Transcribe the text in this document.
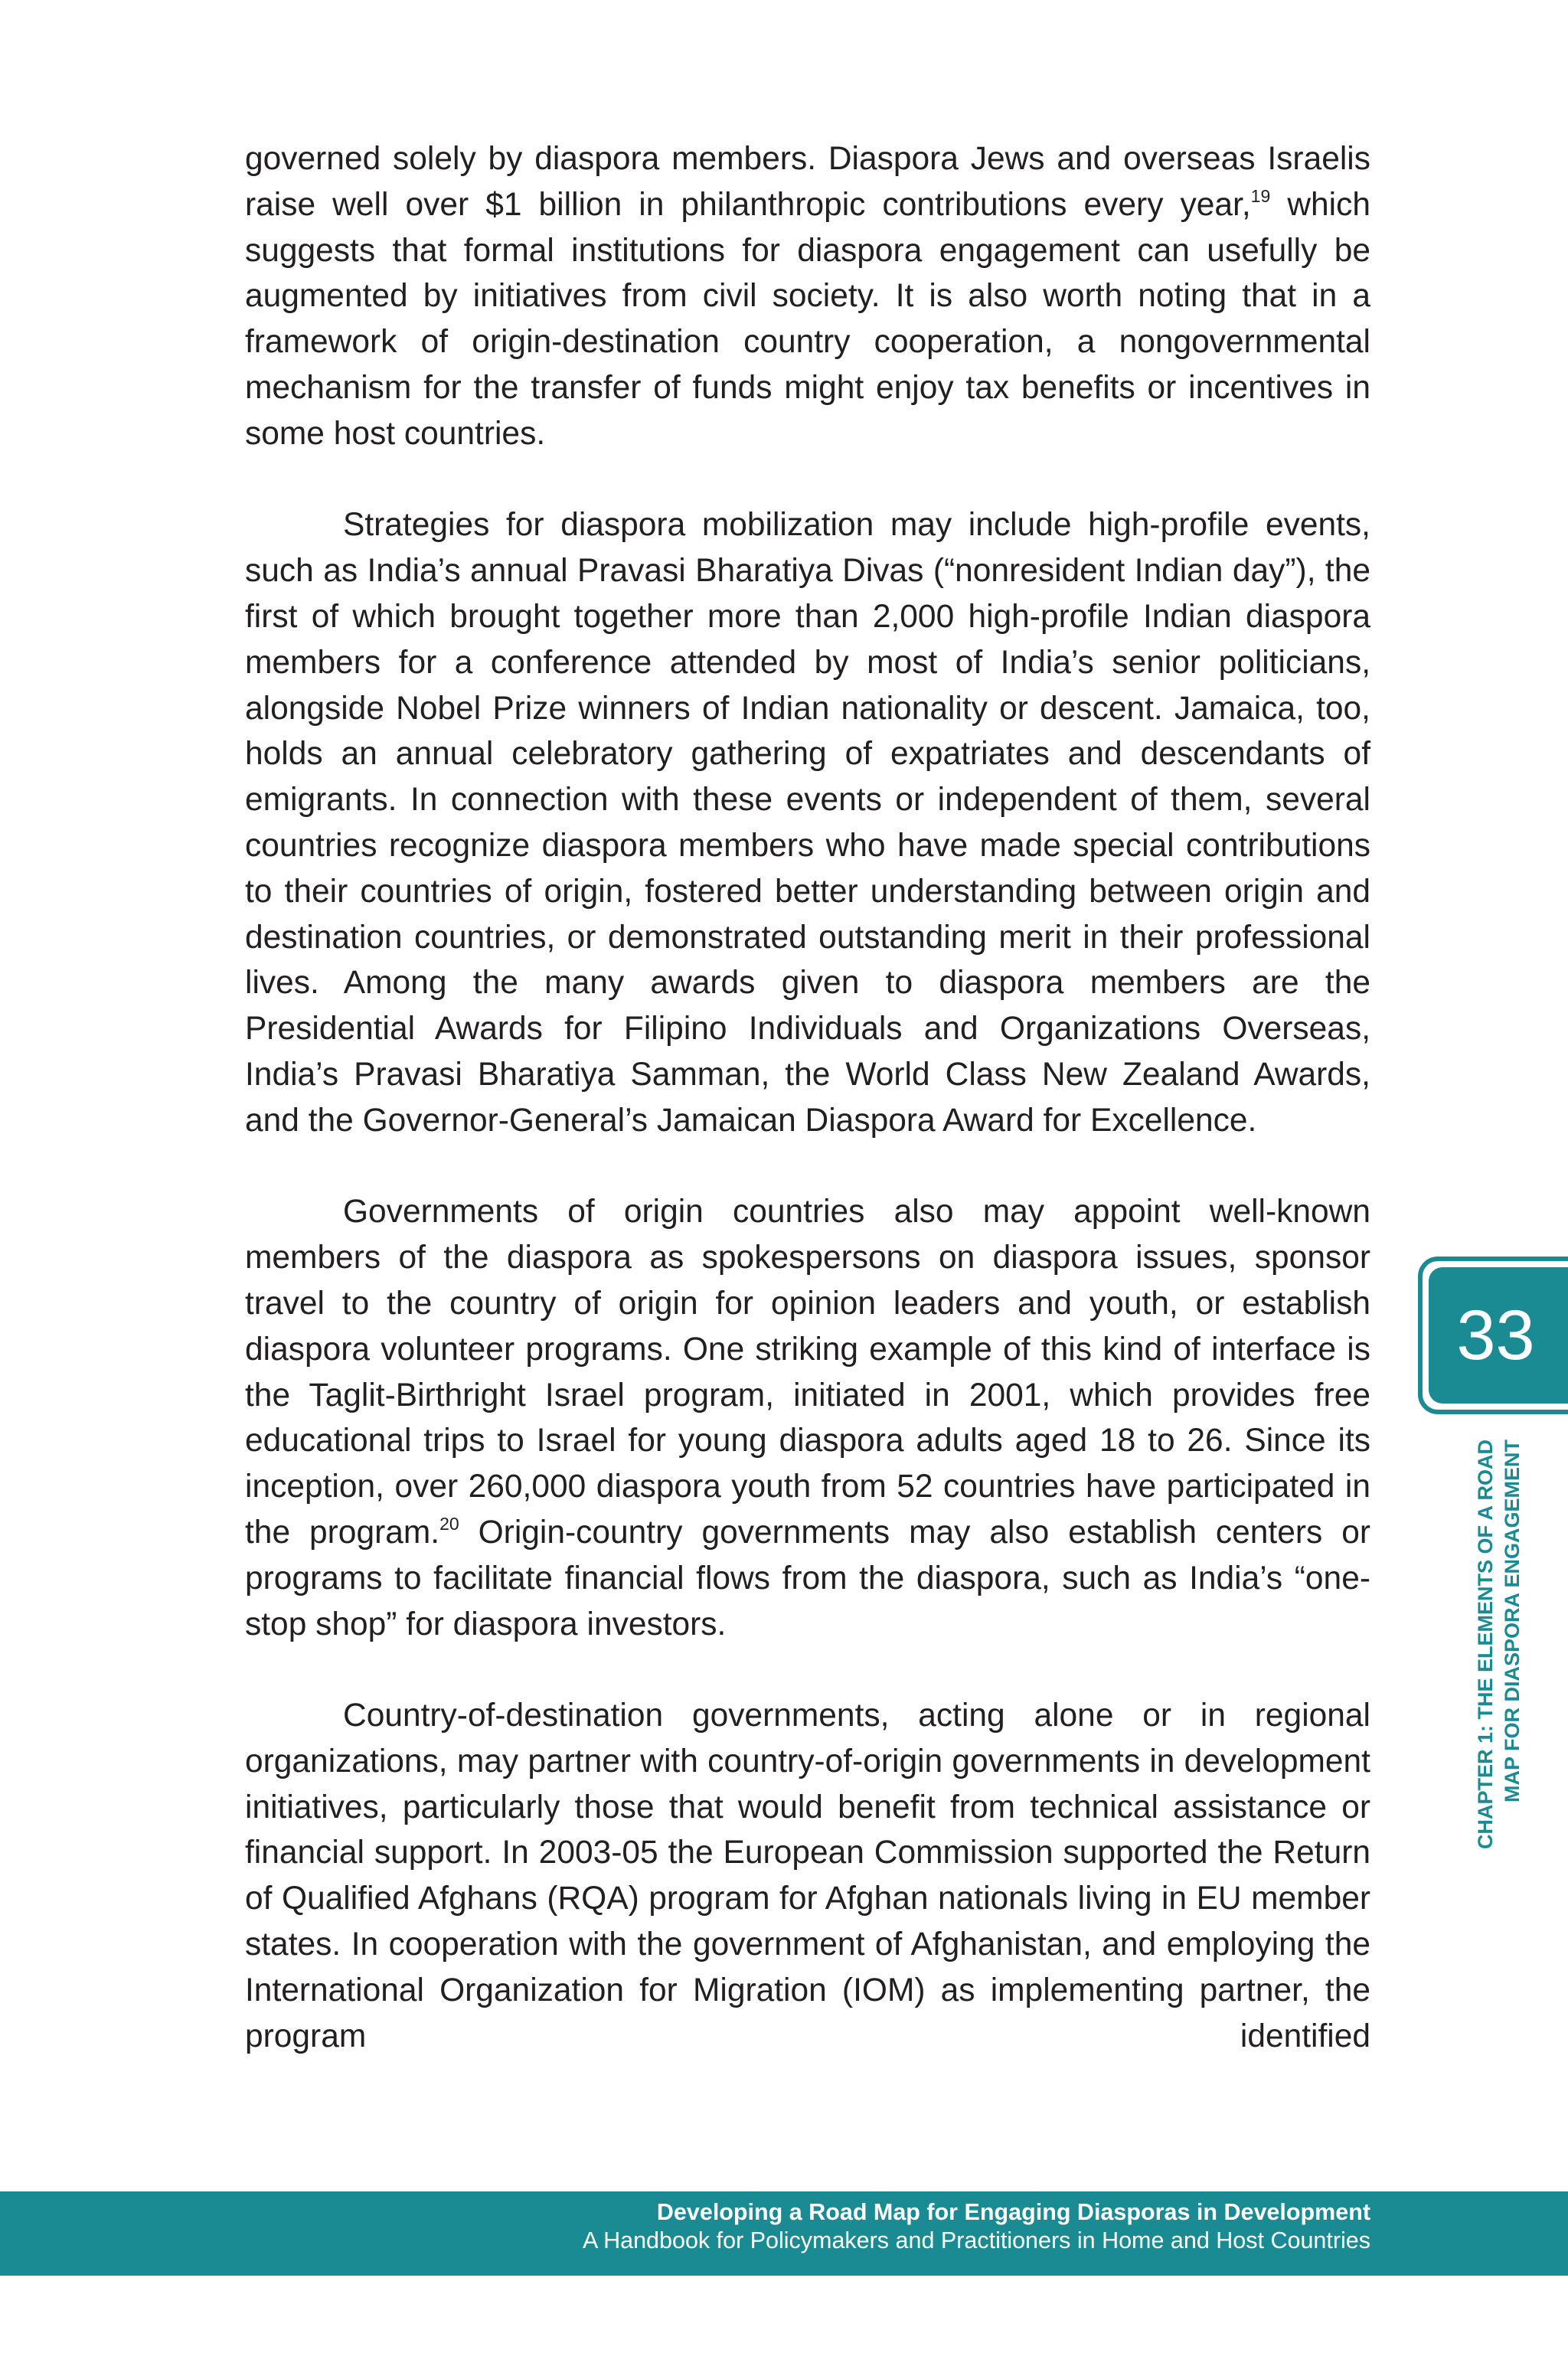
governed solely by diaspora members. Diaspora Jews and overseas Israelis raise well over $1 billion in philanthropic contributions every year,$^{19}$ which suggests that formal institutions for diaspora engagement can usefully be augmented by initiatives from civil society. It is also worth noting that in a framework of origin-destination country cooperation, a nongovernmental mechanism for the transfer of funds might enjoy tax benefits or incentives in some host countries.

Strategies for diaspora mobilization may include high-profile events, such as India’s annual Pravasi Bharatiya Divas (“nonresident Indian day”), the first of which brought together more than 2,000 high-profile Indian diaspora members for a conference attended by most of India’s senior politicians, alongside Nobel Prize winners of Indian nationality or descent. Jamaica, too, holds an annual celebratory gathering of expatriates and descendants of emigrants. In connection with these events or independent of them, several countries recognize diaspora members who have made special contributions to their countries of origin, fostered better understanding between origin and destination countries, or demonstrated outstanding merit in their professional lives. Among the many awards given to diaspora members are the Presidential Awards for Filipino Individuals and Organizations Overseas, India’s Pravasi Bharatiya Samman, the World Class New Zealand Awards, and the Governor-General’s Jamaican Diaspora Award for Excellence.

Governments of origin countries also may appoint well-known members of the diaspora as spokespersons on diaspora issues, sponsor travel to the country of origin for opinion leaders and youth, or establish diaspora volunteer programs. One striking example of this kind of interface is the Taglit-Birthright Israel program, initiated in 2001, which provides free educational trips to Israel for young diaspora adults aged 18 to 26. Since its inception, over 260,000 diaspora youth from 52 countries have participated in the program.$^{20}$ Origin-country governments may also establish centers or programs to facilitate financial flows from the diaspora, such as India’s “one-stop shop” for diaspora investors.

Country-of-destination governments, acting alone or in regional organizations, may partner with country-of-origin governments in development initiatives, particularly those that would benefit from technical assistance or financial support. In 2003-05 the European Commission supported the Return of Qualified Afghans (RQA) program for Afghan nationals living in EU member states. In cooperation with the government of Afghanistan, and employing the International Organization for Migration (IOM) as implementing partner, the program identified

33
CHAPTER 1: THE ELEMENTS OF A ROAD MAP FOR DIASPORA ENGAGEMENT
Developing a Road Map for Engaging Diasporas in Development
A Handbook for Policymakers and Practitioners in Home and Host Countries
